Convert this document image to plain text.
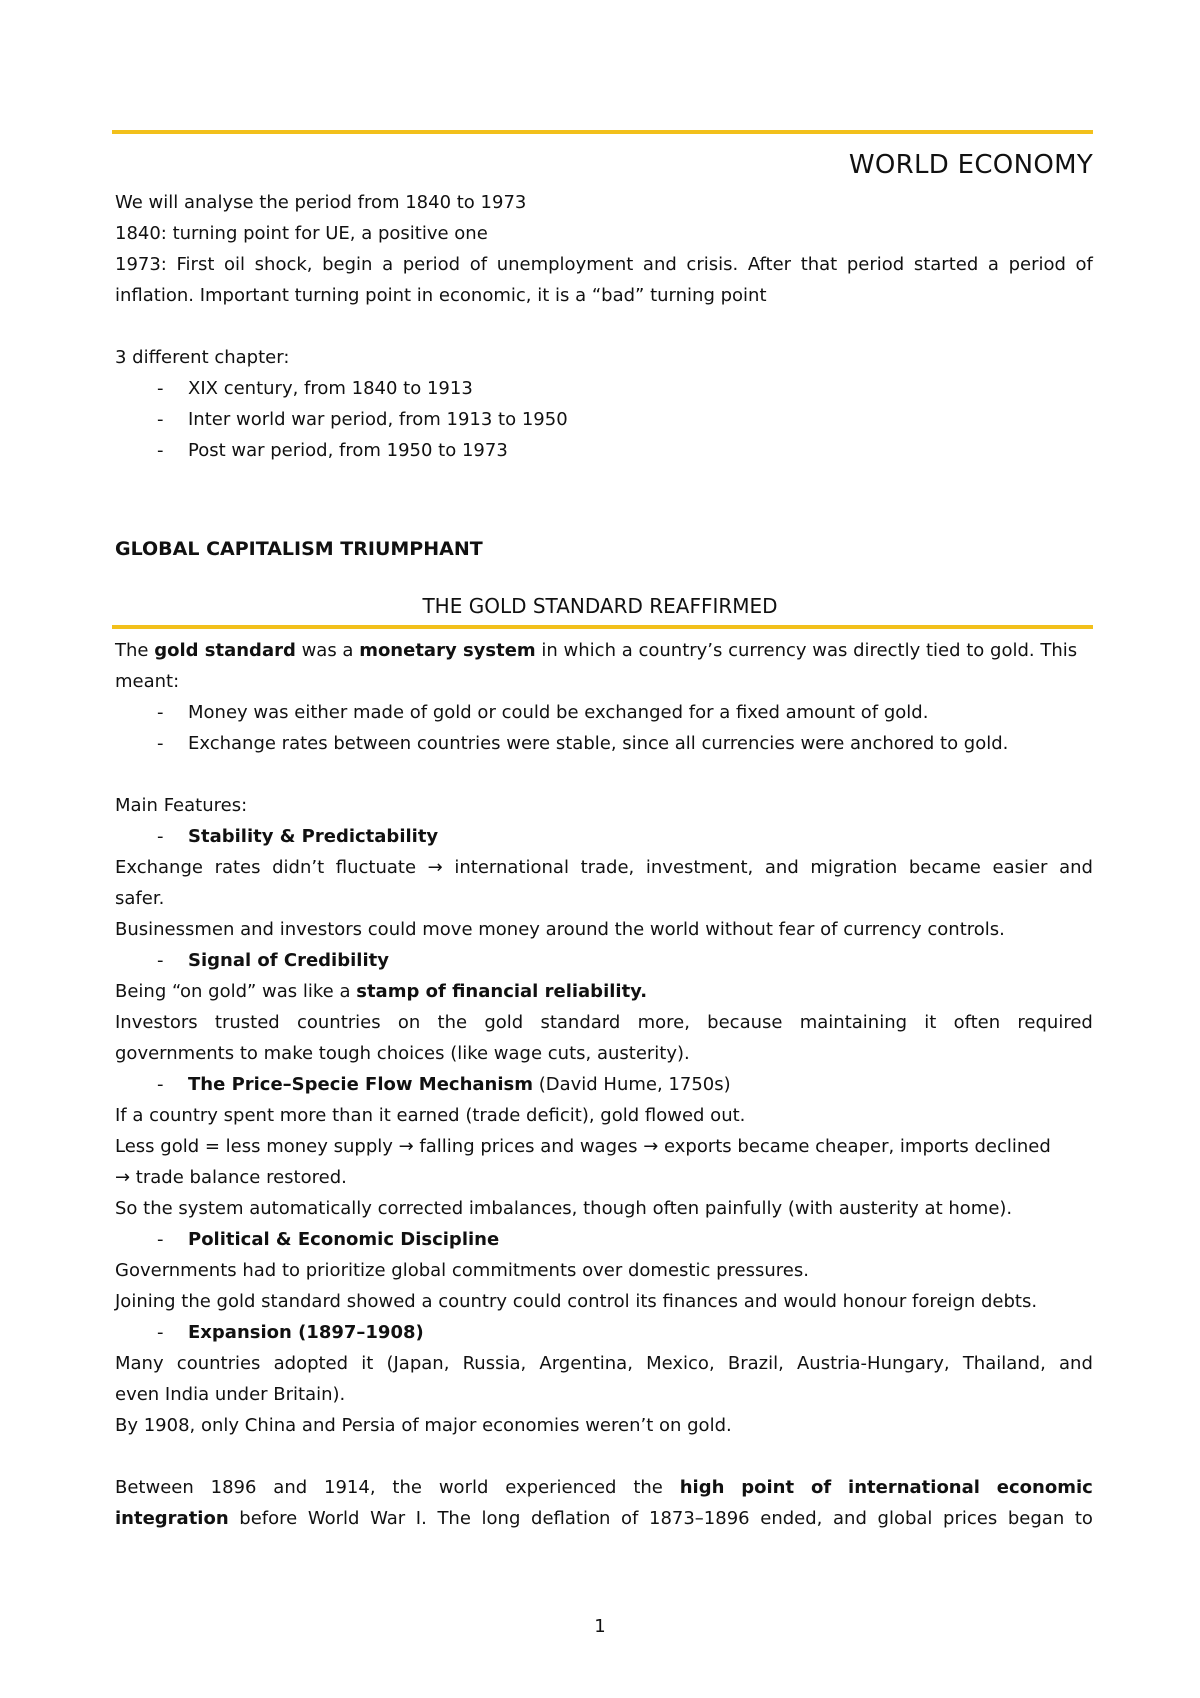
WORLD ECONOMY
We will analyse the period from 1840 to 1973
1840: turning point for UE, a positive one
1973: First oil shock, begin a period of unemployment and crisis. After that period started a period of
inflation. Important turning point in economic, it is a “bad” turning point
3 different chapter:
- XIX century, from 1840 to 1913
- Inter world war period, from 1913 to 1950
- Post war period, from 1950 to 1973
GLOBAL CAPITALISM TRIUMPHANT
THE GOLD STANDARD REAFFIRMED
The gold standard was a monetary system in which a country’s currency was directly tied to gold. This
meant:
- Money was either made of gold or could be exchanged for a fixed amount of gold.
- Exchange rates between countries were stable, since all currencies were anchored to gold.
Main Features:
- Stability & Predictability
Exchange rates didn’t fluctuate → international trade, investment, and migration became easier and
safer.
Businessmen and investors could move money around the world without fear of currency controls.
- Signal of Credibility
Being “on gold” was like a stamp of financial reliability.
Investors trusted countries on the gold standard more, because maintaining it often required
governments to make tough choices (like wage cuts, austerity).
- The Price–Specie Flow Mechanism (David Hume, 1750s)
If a country spent more than it earned (trade deficit), gold flowed out.
Less gold = less money supply → falling prices and wages → exports became cheaper, imports declined
→ trade balance restored.
So the system automatically corrected imbalances, though often painfully (with austerity at home).
- Political & Economic Discipline
Governments had to prioritize global commitments over domestic pressures.
Joining the gold standard showed a country could control its finances and would honour foreign debts.
- Expansion (1897–1908)
Many countries adopted it (Japan, Russia, Argentina, Mexico, Brazil, Austria-Hungary, Thailand, and
even India under Britain).
By 1908, only China and Persia of major economies weren’t on gold.
Between 1896 and 1914, the world experienced the high point of international economic
integration before World War I. The long deflation of 1873–1896 ended, and global prices began to
1
